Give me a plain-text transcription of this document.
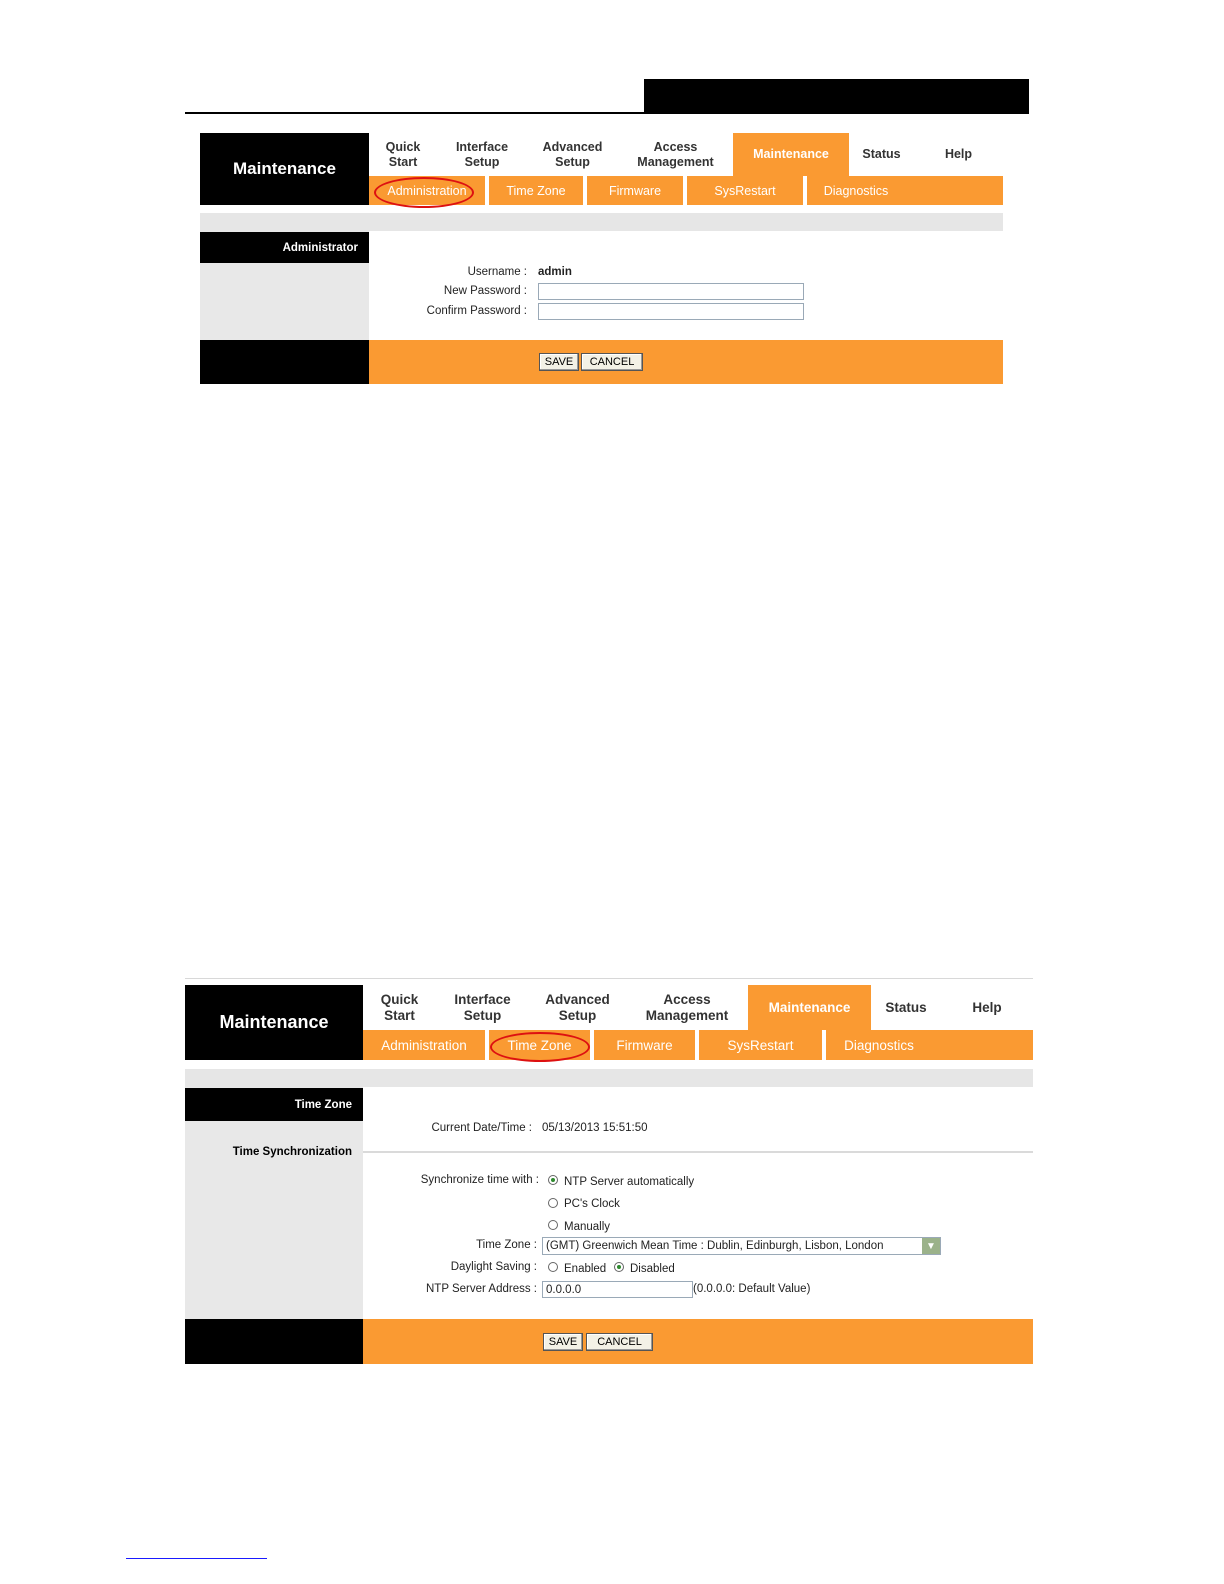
Maintenance
Quick
Start
Interface
Setup
Advanced
Setup
Access
Management
Maintenance	Status	Help
Administration	Time Zone	Firmware	SysRestart	Diagnostics
Administrator
Username : admin
New Password :
Confirm Password :
SAVE	CANCEL
Maintenance
Quick
Start
Interface
Setup
Advanced
Setup
Access
Management
Maintenance	Status	Help
Administration	Time Zone	Firmware	SysRestart	Diagnostics
Time Zone
Time Synchronization
Current Date/Time : 05/13/2013 15:51:50
Synchronize time with : NTP Server automatically
PC's Clock
Manually
Time Zone : (GMT) Greenwich Mean Time : Dublin, Edinburgh, Lisbon, London	▼
Daylight Saving : Enabled Disabled
NTP Server Address : 0.0.0.0	(0.0.0.0: Default Value)
SAVE	CANCEL
